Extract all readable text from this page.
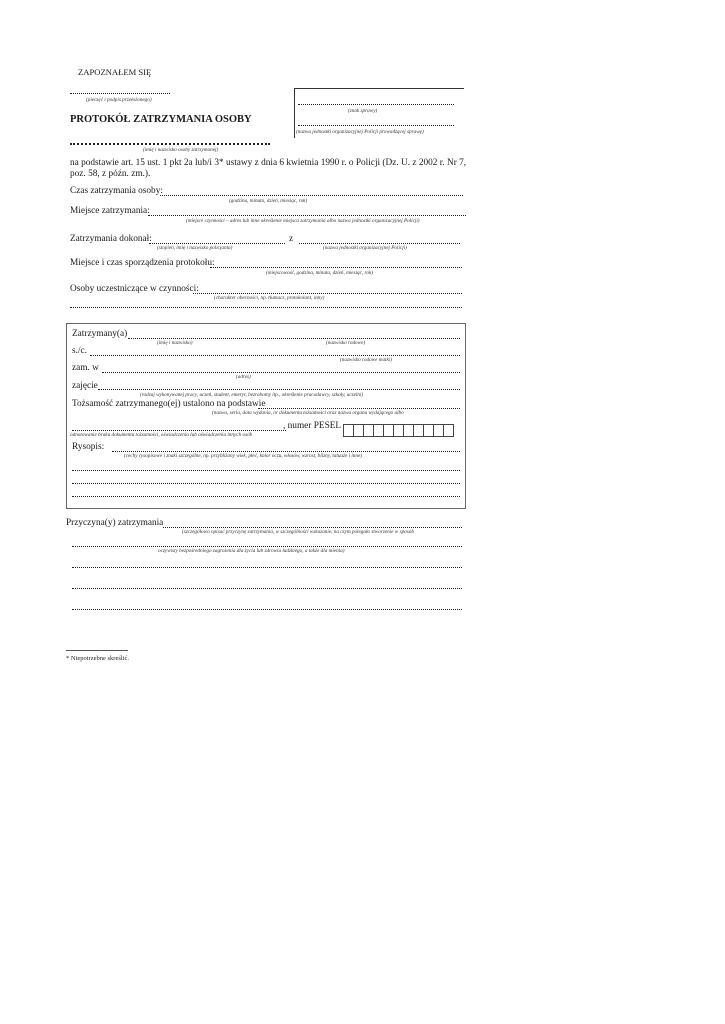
ZAPOZNAŁEM SIĘ
(pieczęć i podpis przełożonego)
(znak sprawy)
(nazwa jednostki organizacyjnej Policji prowadzącej sprawę)
PROTOKÓŁ ZATRZYMANIA OSOBY
(imię i nazwisko osoby zatrzymanej)
na podstawie art. 15 ust. 1 pkt 2a lub/i 3* ustawy z dnia 6 kwietnia 1990 r. o Policji (Dz. U. z 2002 r. Nr 7,
poz. 58, z późn. zm.).
Czas zatrzymania osoby:
(godzina, minuta, dzień, miesiąc, rok)
Miejsce zatrzymania:
(miejsce czynności – adres lub inne określenie miejsca zatrzymania albo nazwa jednostki organizacyjnej Policji)
Zatrzymania dokonał:	z
(stopień, imię i nazwisko policjanta)	(nazwa jednostki organizacyjnej Policji)
Miejsce i czas sporządzenia protokołu:
(miejscowość, godzina, minuta, dzień, miesiąc, rok)
Osoby uczestniczące w czynności:
(charakter obecności, np. tłumacz, protokolant, inny)
Zatrzymany(a)
(imię i nazwisko)	(nazwisko rodowe)
s./c.
(nazwisko rodowe matki)
zam. w
(adres)
zajęcie
(rodzaj wykonywanej pracy, uczeń, student, emeryt, bezrobotny itp., określenie pracodawcy, szkoły, uczelni)
Tożsamość zatrzymanego(ej) ustalono na podstawie
(nazwa, seria, data wydania, nr dokumentu tożsamości oraz nazwa organu wydającego albo
, numer PESEL
odnotowanie braku dokumentu tożsamości, oświadczenia lub oświadczenia innych osób
Rysopis:
(cechy rysopisowe i znaki szczególne, np. przybliżony wiek, płeć, kolor oczu, włosów, wzrost, blizny, tatuaże i inne)
Przyczyna(y) zatrzymania
(szczegółowo opisać przyczynę zatrzymania, w szczególności wskazanie, na czym polegało stworzenie w sposób
oczywisty bezpośredniego zagrożenia dla życia lub zdrowia ludzkiego, a także dla mienia)
* Niepotrzebne skreślić.
